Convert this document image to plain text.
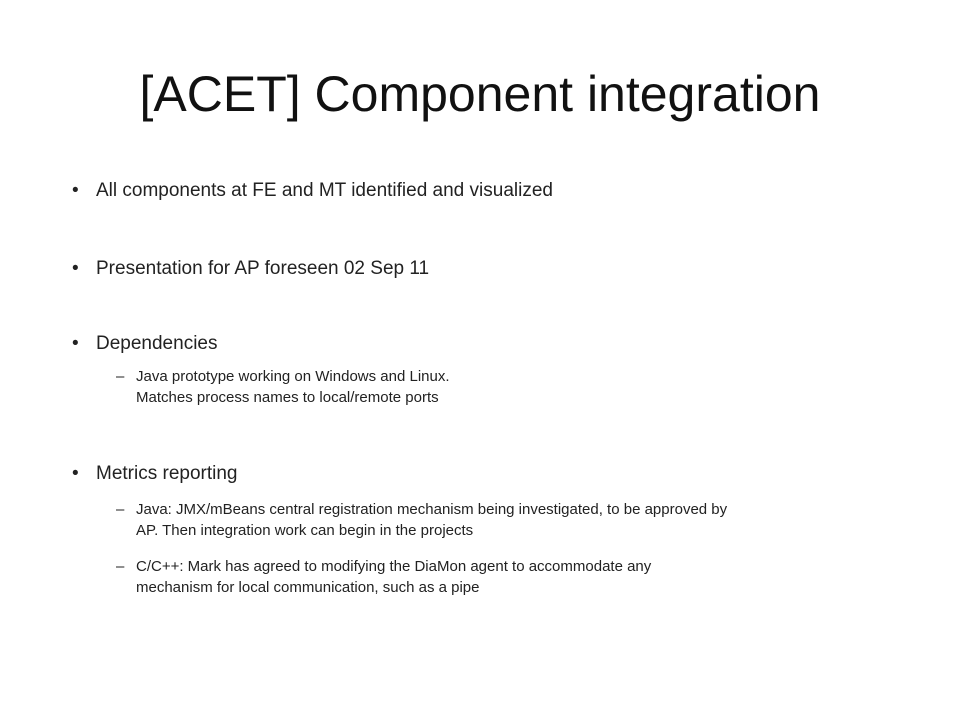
[ACET] Component integration
• All components at FE and MT identified and visualized
• Presentation for AP foreseen 02 Sep 11
• Dependencies
– Java prototype working on Windows and Linux.
Matches process names to local/remote ports
• Metrics reporting
– Java: JMX/mBeans central registration mechanism being investigated, to be approved by
AP. Then integration work can begin in the projects
– C/C++: Mark has agreed to modifying the DiaMon agent to accommodate any
mechanism for local communication, such as a pipe
